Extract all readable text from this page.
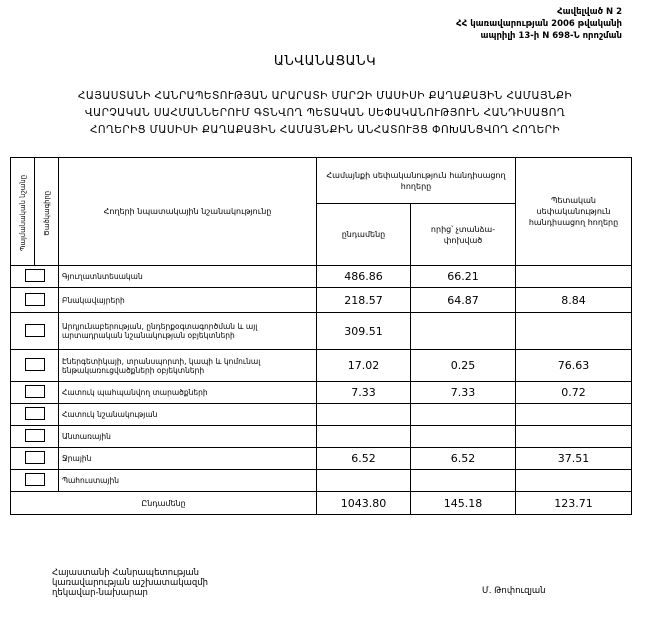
Հավելված N 2
ՀՀ կառավարության 2006 թվականի
ապրիլի 13-ի N 698-Ն որոշման
ԱՆՎԱՆԱՑԱՆԿ
ՀԱՅԱՍՏԱՆԻ ՀԱՆՐԱՊԵՏՈՒԹՅԱՆ ԱՐԱՐԱՏԻ ՄԱՐԶԻ ՄԱՍԻՍԻ ՔԱՂԱՔԱՅԻՆ ՀԱՄԱՅՆՔԻ
ՎԱՐՉԱԿԱՆ ՍԱՀՄԱՆՆԵՐՈՒՄ ԳՏՆՎՈՂ ՊԵՏԱԿԱՆ ՍԵՓԱԿԱՆՈՒԹՅՈՒՆ ՀԱՆԴԻՍԱՑՈՂ
ՀՈՂԵՐԻՑ ՄԱՍԻՍԻ ՔԱՂԱՔԱՅԻՆ ՀԱՄԱՅՆՔԻՆ ԱՆՀԱՏՈՒՅՑ ՓՈԽԱՆՑՎՈՂ ՀՈՂԵՐԻ
Պայմանական նշանը	Ծածկագիրը	Հողերի նպատակային նշանակությունը	Համայնքի սեփականություն հանդիսացող հողերը		Պետական սեփականություն հանդիսացող հողերը
			ընդամենը	որից՝ չտանձա-փոխված	
		Գյուղատնտեսական	486.86	66.21	
		Բնակավայրերի	218.57	64.87	8.84
		Արդյունաբերության, ընդերքօգտագործման և այլ արտադրական նշանակության օբյեկտների	309.51		
		Էներգետիկայի, տրանսպորտի, կապի և կոմունալ ենթակառուցվածքների օբյեկտների	17.02	0.25	76.63
		Հատուկ պահպանվող տարածքների	7.33	7.33	0.72
		Հատուկ նշանակության			
		Անտառային			
		Ջրային	6.52	6.52	37.51
		Պահուստային			
Ընդամենը			1043.80	145.18	123.71
Հայաստանի Հանրապետության
կառավարության աշխատակազմի
ղեկավար-նախարար	Մ. Թոփուզյան
